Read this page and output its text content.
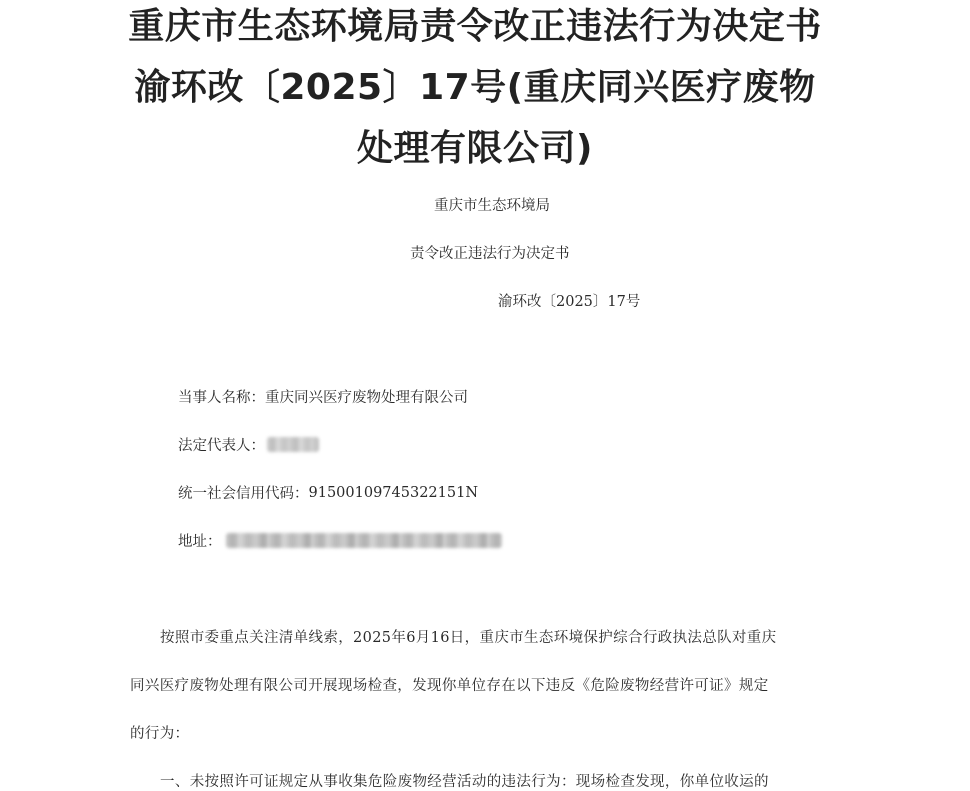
重庆市生态环境局责令改正违法行为决定书渝环改〔2025〕17号(重庆同兴医疗废物处理有限公司)
重庆市生态环境局
责令改正违法行为决定书
渝环改〔2025〕17号
当事人名称： 重庆同兴医疗废物处理有限公司
法定代表人：
统一社会信用代码： 91500109745322151N
地址：
按照市委重点关注清单线索，2025年6月16日，重庆市生态环境保护综合行政执法总队对重庆
同兴医疗废物处理有限公司开展现场检查，发现你单位存在以下违反《危险废物经营许可证》规定
的行为：
一、未按照许可证规定从事收集危险废物经营活动的违法行为：现场检查发现，你单位收运的
